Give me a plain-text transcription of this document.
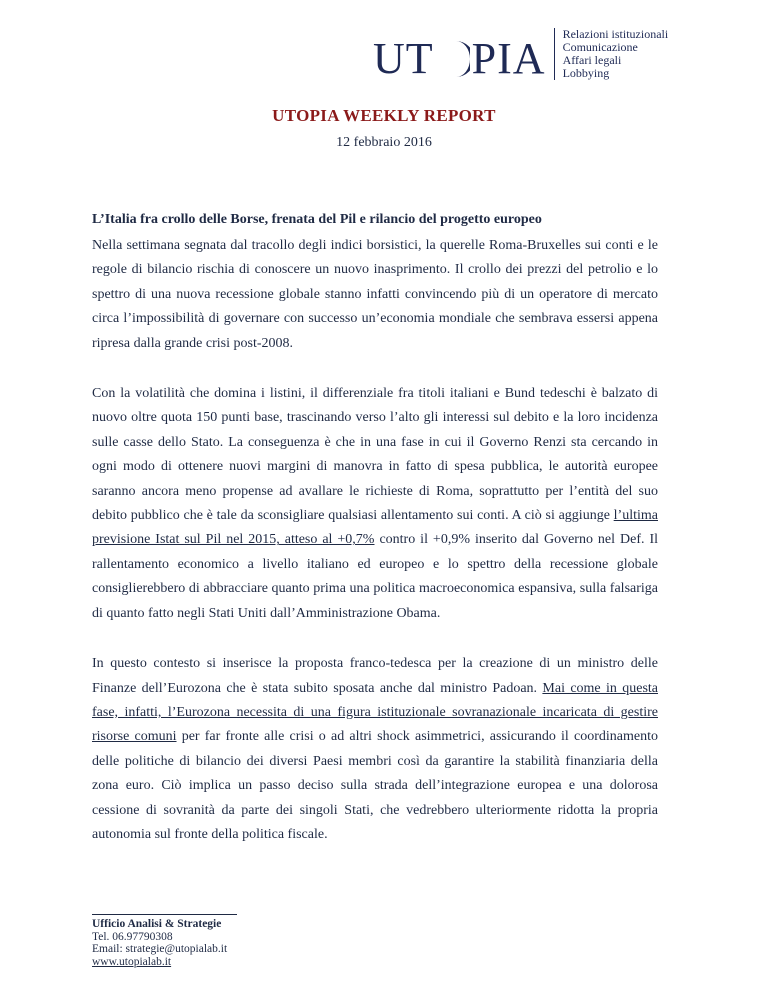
UT PIA Relazioni istituzionali
Comunicazione
Affari legali
Lobbying
UTOPIA WEEKLY REPORT
12 febbraio 2016

L’Italia fra crollo delle Borse, frenata del Pil e rilancio del progetto europeo

Nella settimana segnata dal tracollo degli indici borsistici, la querelle Roma-Bruxelles sui conti e le regole di bilancio rischia di conoscere un nuovo inasprimento. Il crollo dei prezzi del petrolio e lo spettro di una nuova recessione globale stanno infatti convincendo più di un operatore di mercato circa l’impossibilità di governare con successo un’economia mondiale che sembrava essersi appena ripresa dalla grande crisi post-2008.

Con la volatilità che domina i listini, il differenziale fra titoli italiani e Bund tedeschi è balzato di nuovo oltre quota 150 punti base, trascinando verso l’alto gli interessi sul debito e la loro incidenza sulle casse dello Stato. La conseguenza è che in una fase in cui il Governo Renzi sta cercando in ogni modo di ottenere nuovi margini di manovra in fatto di spesa pubblica, le autorità europee saranno ancora meno propense ad avallare le richieste di Roma, soprattutto per l’entità del suo debito pubblico che è tale da sconsigliare qualsiasi allentamento sui conti. A ciò si aggiunge l’ultima previsione Istat sul Pil nel 2015, atteso al +0,7% contro il +0,9% inserito dal Governo nel Def. Il rallentamento economico a livello italiano ed europeo e lo spettro della recessione globale consiglierebbero di abbracciare quanto prima una politica macroeconomica espansiva, sulla falsariga di quanto fatto negli Stati Uniti dall’Amministrazione Obama.

In questo contesto si inserisce la proposta franco-tedesca per la creazione di un ministro delle Finanze dell’Eurozona che è stata subito sposata anche dal ministro Padoan. Mai come in questa fase, infatti, l’Eurozona necessita di una figura istituzionale sovranazionale incaricata di gestire risorse comuni per far fronte alle crisi o ad altri shock asimmetrici, assicurando il coordinamento delle politiche di bilancio dei diversi Paesi membri così da garantire la stabilità finanziaria della zona euro. Ciò implica un passo deciso sulla strada dell’integrazione europea e una dolorosa cessione di sovranità da parte dei singoli Stati, che vedrebbero ulteriormente ridotta la propria autonomia sul fronte della politica fiscale.

Ufficio Analisi & Strategie
Tel. 06.97790308
Email: strategie@utopialab.it
www.utopialab.it
